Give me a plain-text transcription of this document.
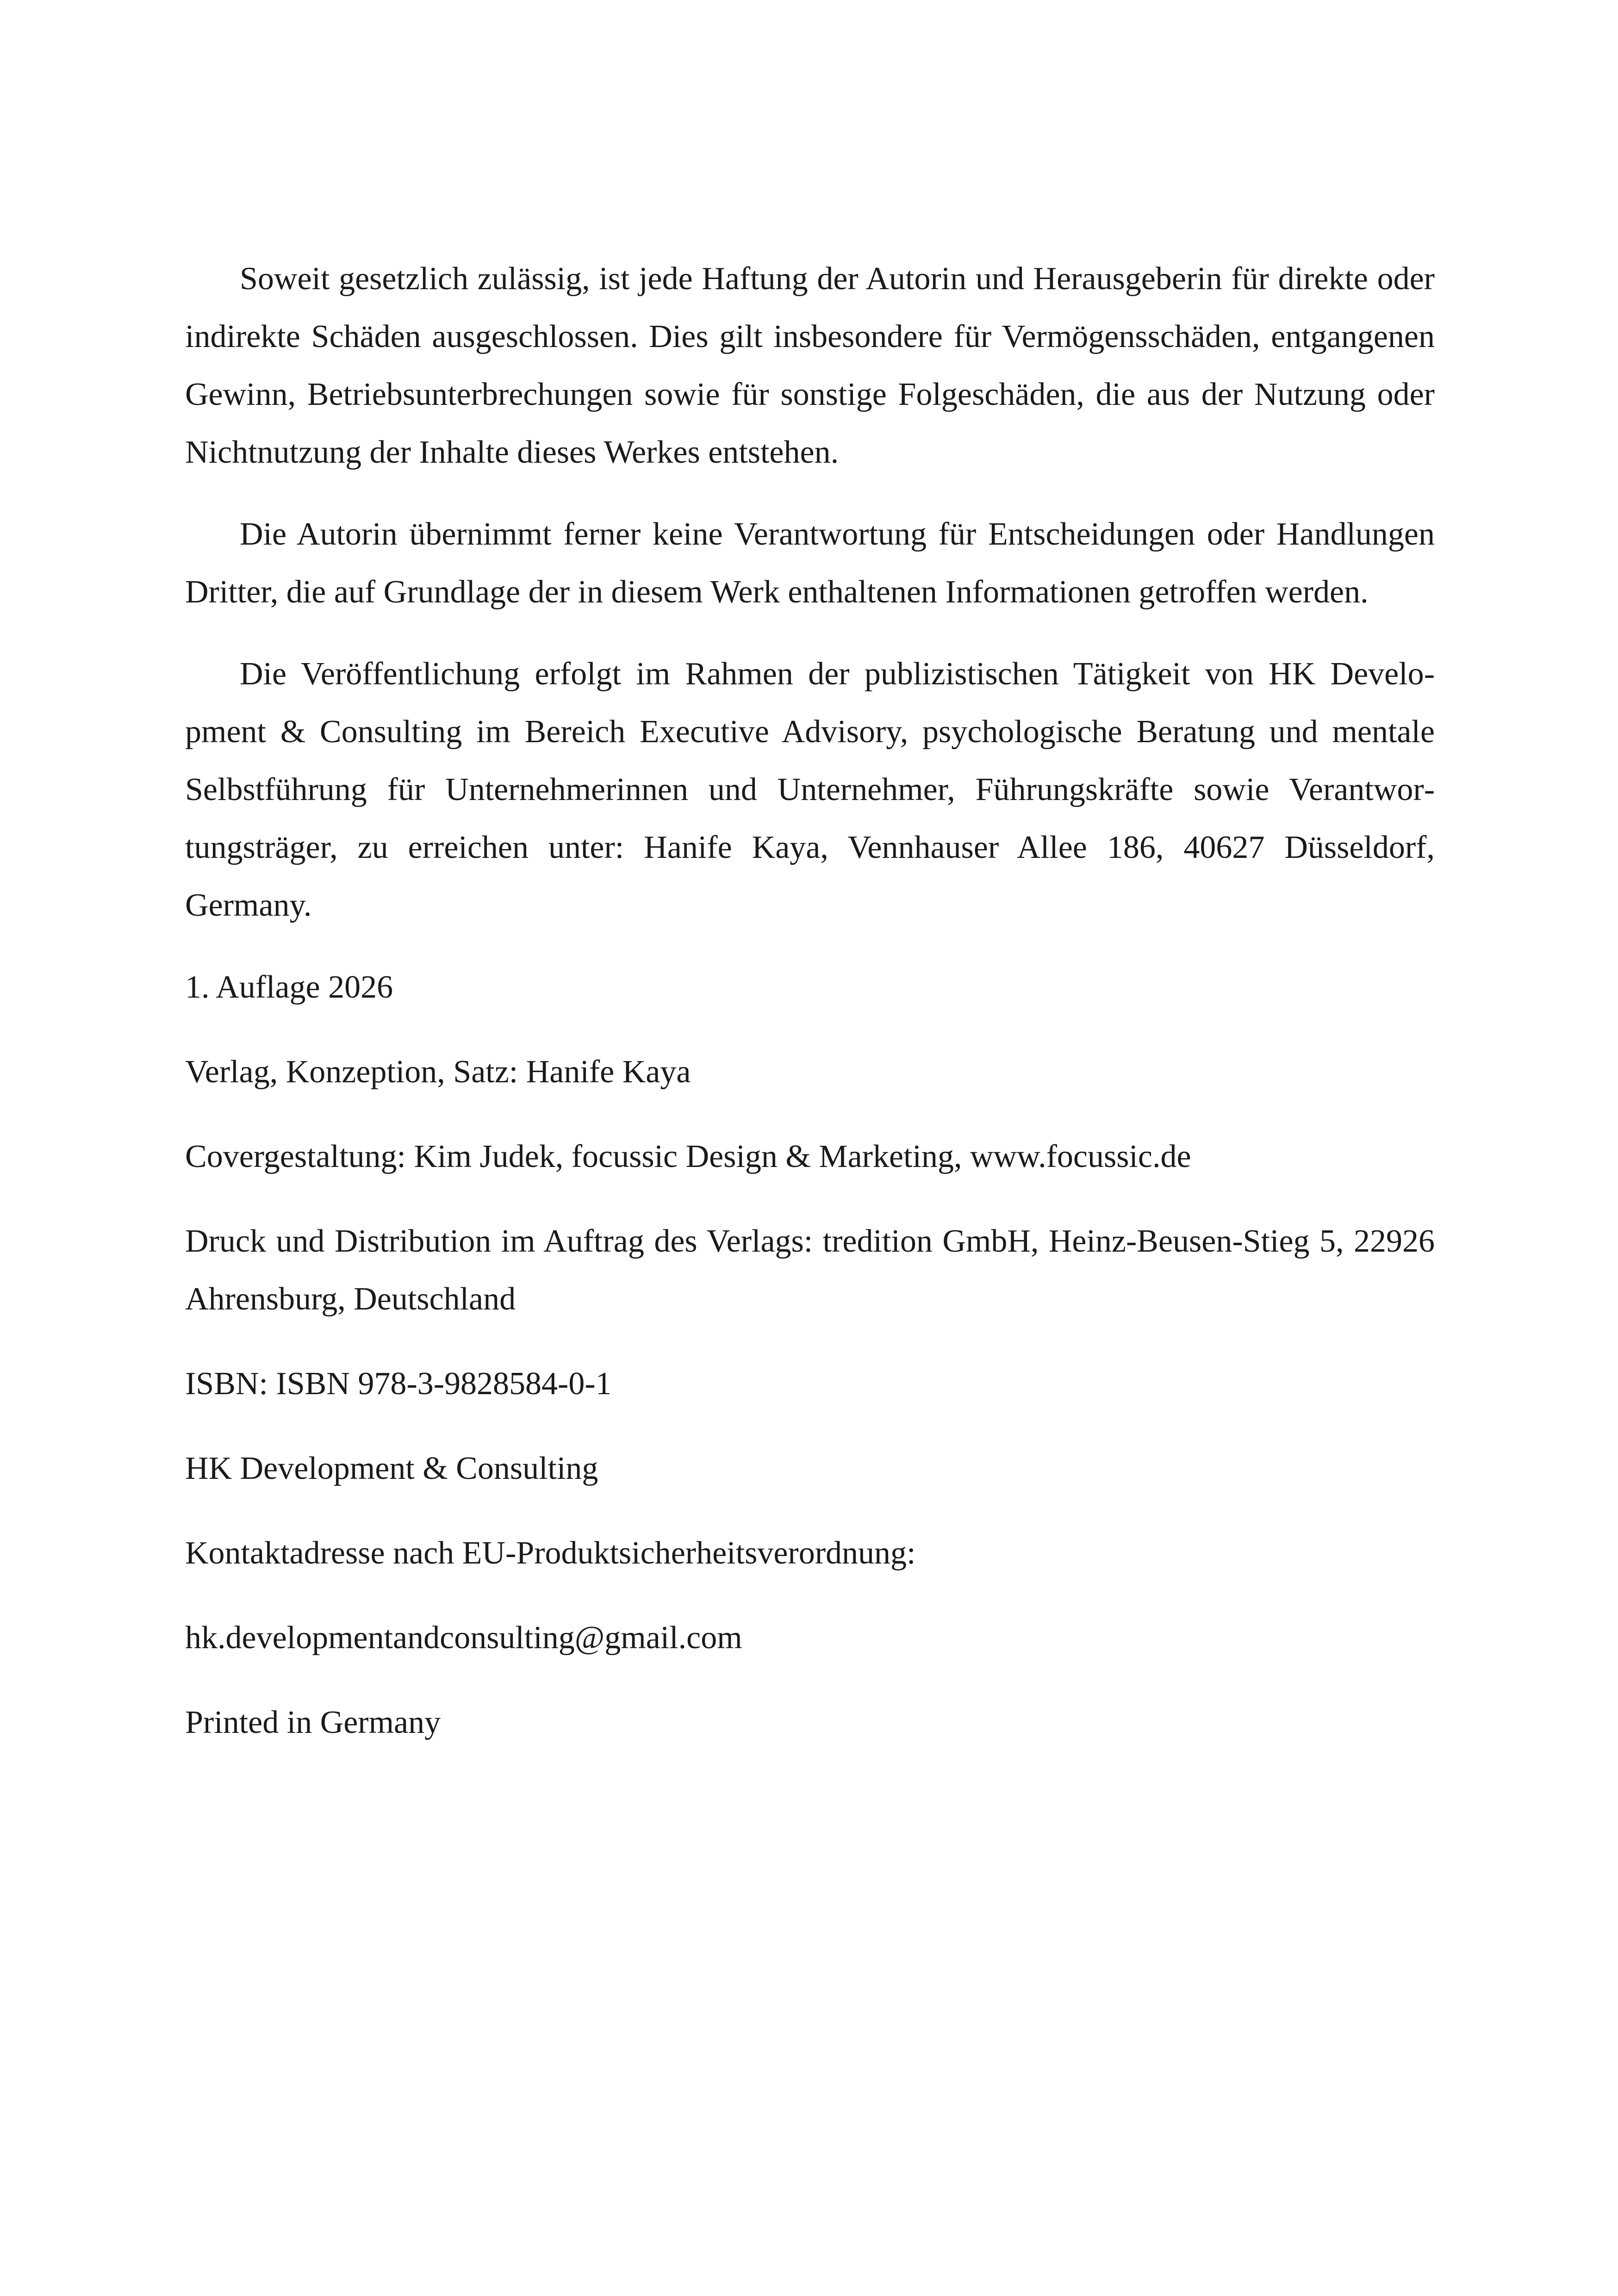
Soweit gesetzlich zulässig, ist jede Haftung der Autorin und Herausgeberin für direkte oder indirekte Schäden ausgeschlossen. Dies gilt insbesondere für Vermögensschäden, entgangenen Gewinn, Betriebsunterbrechungen sowie für sonstige Folgeschäden, die aus der Nutzung oder Nichtnutzung der Inhalte dieses Werkes entstehen.

Die Autorin übernimmt ferner keine Verantwortung für Entscheidungen oder Handlungen Dritter, die auf Grundlage der in diesem Werk enthaltenen Informationen getroffen werden.

Die Veröffentlichung erfolgt im Rahmen der publizistischen Tätigkeit von HK Development & Consulting im Bereich Executive Advisory, psychologische Beratung und mentale Selbstführung für Unternehmerinnen und Unternehmer, Führungskräfte sowie Verantwortungsträger, zu erreichen unter: Hanife Kaya, Vennhauser Allee 186, 40627 Düsseldorf, Germany.

1. Auflage 2026

Verlag, Konzeption, Satz: Hanife Kaya

Covergestaltung: Kim Judek, focussic Design & Marketing, www.focussic.de

Druck und Distribution im Auftrag des Verlags: tredition GmbH, Heinz-Beusen-Stieg 5, 22926 Ahrensburg, Deutschland

ISBN: ISBN 978-3-9828584-0-1

HK Development & Consulting

Kontaktadresse nach EU-Produktsicherheitsverordnung:

hk.developmentandconsulting@gmail.com

Printed in Germany
